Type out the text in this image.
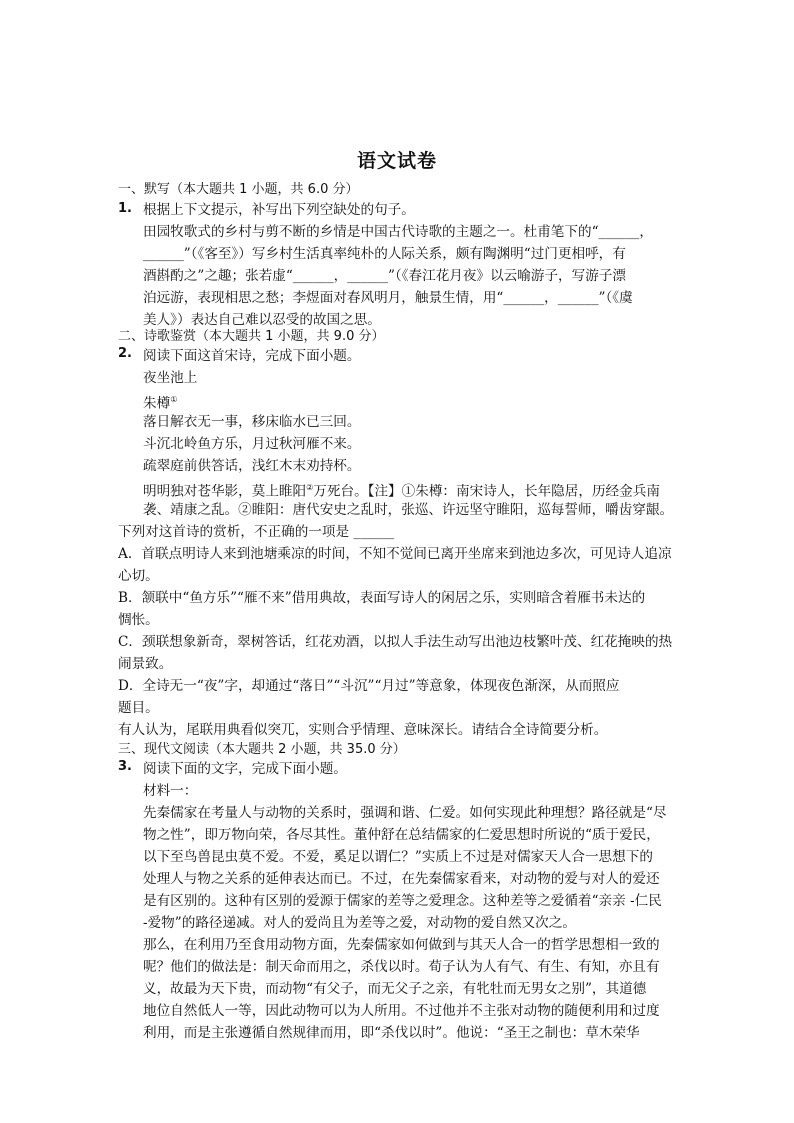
语文试卷
一、默写（本大题共 1 小题，共 6.0 分）
1. 根据上下文提示，补写出下列空缺处的句子。
田园牧歌式的乡村与剪不断的乡情是中国古代诗歌的主题之一。杜甫笔下的“______，
______”（《客至》）写乡村生活真率纯朴的人际关系，颇有陶渊明“过门更相呼，有
酒斟酌之”之趣；张若虚“______，______”（《春江花月夜》以云喻游子，写游子漂
泊远游，表现相思之愁；李煜面对春风明月，触景生情，用“______，______”（《虞
美人》）表达自己难以忍受的故国之思。
二、诗歌鉴赏（本大题共 1 小题，共 9.0 分）
2. 阅读下面这首宋诗，完成下面小题。
夜坐池上
朱樽①
落日解衣无一事，移床临水已三回。
斗沉北岭鱼方乐，月过秋河雁不来。
疏翠庭前供答话，浅红木末劝持杯。
明明独对苍华影，莫上睢阳②万死台。【注】①朱樽：南宋诗人，长年隐居，历经金兵南
袭、靖康之乱。②睢阳：唐代安史之乱时，张巡、许远坚守睢阳，巡每誓师，嚼齿穿龈。
下列对这首诗的赏析，不正确的一项是 ______
A．首联点明诗人来到池塘乘凉的时间，不知不觉间已离开坐席来到池边多次，可见诗人追凉
心切。
B．颔联中“鱼方乐”“雁不来”借用典故，表面写诗人的闲居之乐，实则暗含着雁书未达的
惆怅。
C．颈联想象新奇，翠树答话，红花劝酒，以拟人手法生动写出池边枝繁叶茂、红花掩映的热
闹景致。
D．全诗无一“夜”字，却通过“落日”“斗沉”“月过”等意象，体现夜色渐深，从而照应
题目。
有人认为，尾联用典看似突兀，实则合乎情理、意味深长。请结合全诗简要分析。
三、现代文阅读（本大题共 2 小题，共 35.0 分）
3. 阅读下面的文字，完成下面小题。
材料一：
先秦儒家在考量人与动物的关系时，强调和谐、仁爱。如何实现此种理想？路径就是“尽
物之性”，即万物向荣，各尽其性。董仲舒在总结儒家的仁爱思想时所说的“质于爱民，
以下至鸟兽昆虫莫不爱。不爱，奚足以谓仁？”实质上不过是对儒家天人合一思想下的
处理人与物之关系的延伸表达而已。不过，在先秦儒家看来，对动物的爱与对人的爱还
是有区别的。这种有区别的爱源于儒家的差等之爱理念。这种差等之爱循着“亲亲 -仁民
-爱物”的路径递减。对人的爱尚且为差等之爱，对动物的爱自然又次之。
那么，在利用乃至食用动物方面，先秦儒家如何做到与其天人合一的哲学思想相一致的
呢？他们的做法是：制天命而用之，杀伐以时。荀子认为人有气、有生、有知，亦且有
义，故最为天下贵，而动物“有父子，而无父子之亲，有牝牡而无男女之别”，其道德
地位自然低人一等，因此动物可以为人所用。不过他并不主张对动物的随便利用和过度
利用，而是主张遵循自然规律而用，即“杀伐以时”。他说：“圣王之制也：草木荣华
